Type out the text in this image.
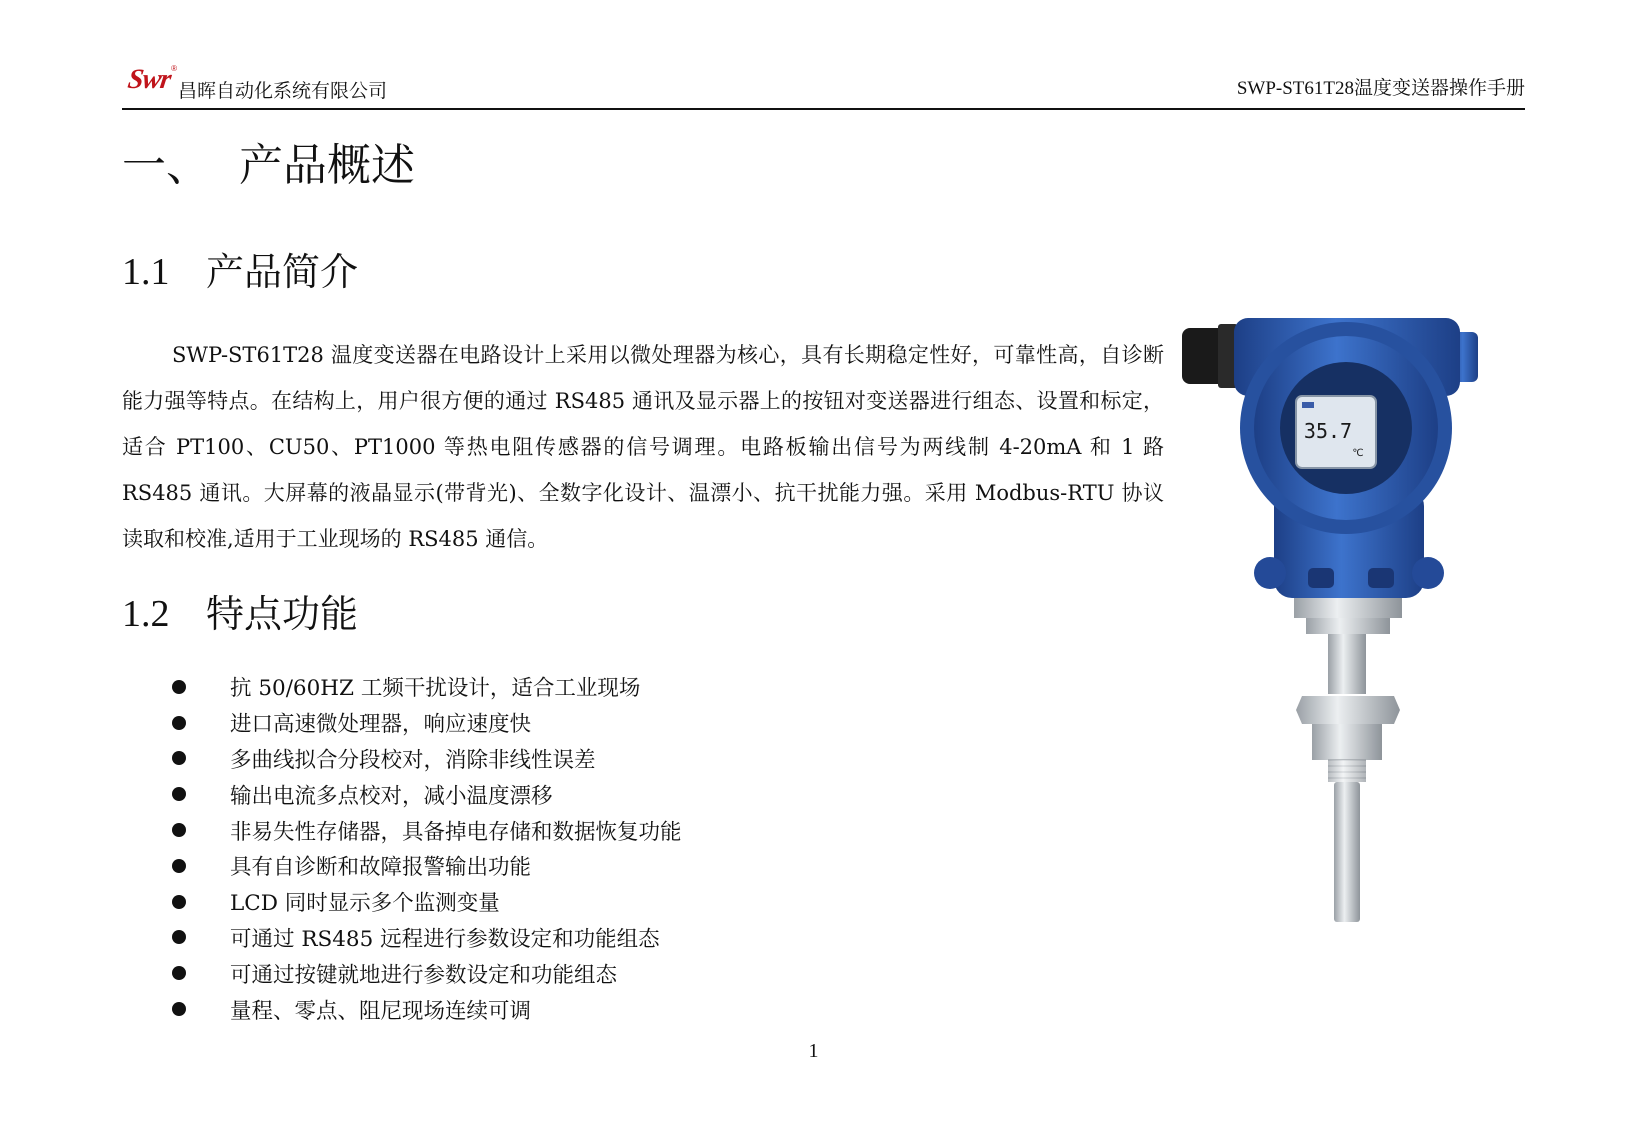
Swr
®
昌晖自动化系统有限公司	SWP-ST61T28温度变送器操作手册
一、 产品概述
1.1 产品简介

SWP-ST61T28 温度变送器在电路设计上采用以微处理器为核心，具有长期稳定性好，可靠性高，自诊断能力强等特点。在结构上，用户很方便的通过 RS485 通讯及显示器上的按钮对变送器进行组态、设置和标定，适合 PT100、CU50、PT1000 等热电阻传感器的信号调理。电路板输出信号为两线制 4-20mA 和 1 路 RS485 通讯。大屏幕的液晶显示(带背光)、全数字化设计、温漂小、抗干扰能力强。采用 Modbus-RTU 协议读取和校准,适用于工业现场的 RS485 通信。

1.2 特点功能
抗 50/60HZ 工频干扰设计，适合工业现场
进口高速微处理器，响应速度快
多曲线拟合分段校对，消除非线性误差
输出电流多点校对，减小温度漂移
非易失性存储器，具备掉电存储和数据恢复功能
具有自诊断和故障报警输出功能
LCD 同时显示多个监测变量
可通过 RS485 远程进行参数设定和功能组态
可通过按键就地进行参数设定和功能组态
量程、零点、阻尼现场连续可调
35.7
℃
1
